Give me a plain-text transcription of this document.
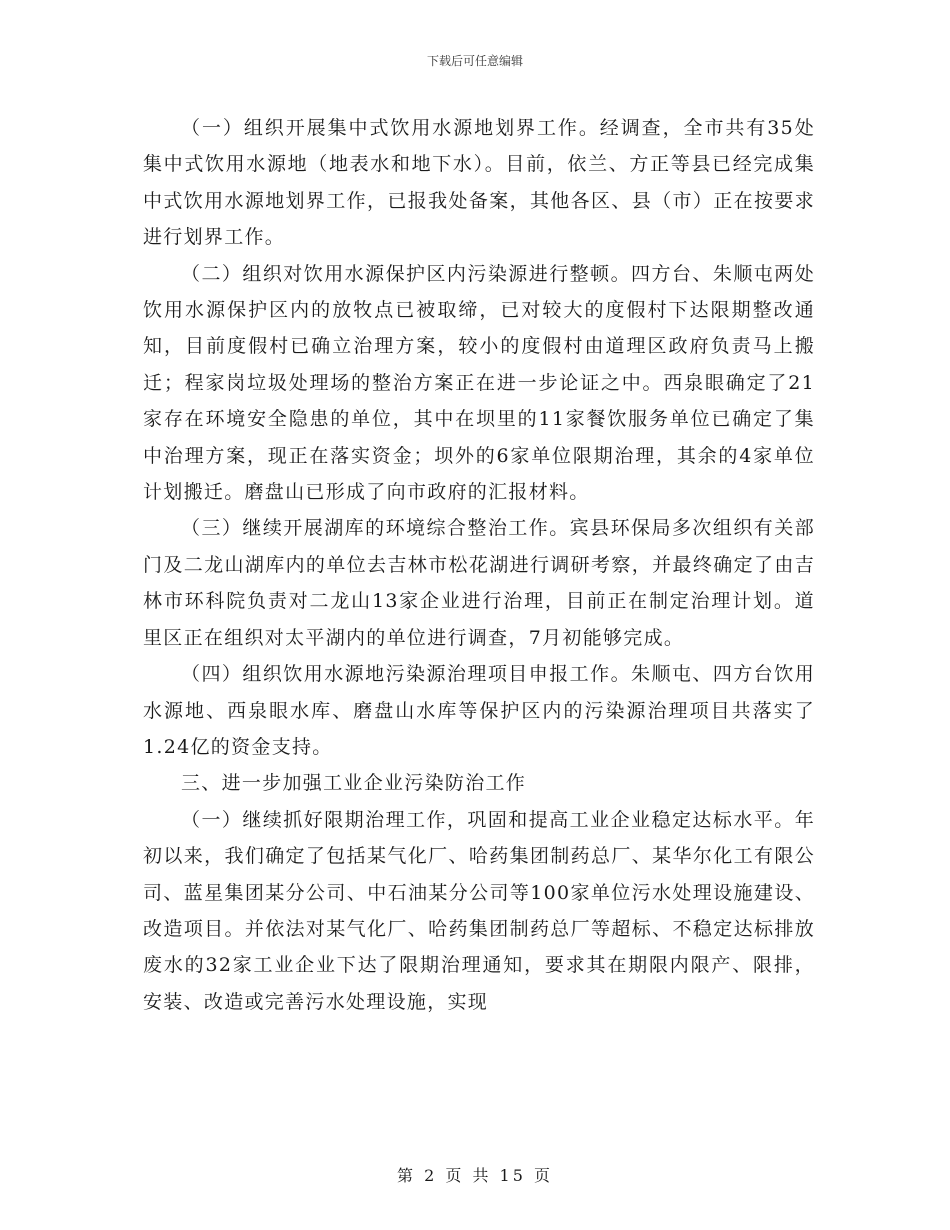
下载后可任意编辑

（一）组织开展集中式饮用水源地划界工作。经调查，全市共有35处集中式饮用水源地（地表水和地下水）。目前，依兰、方正等县已经完成集中式饮用水源地划界工作，已报我处备案，其他各区、县（市）正在按要求进行划界工作。

（二）组织对饮用水源保护区内污染源进行整顿。四方台、朱顺屯两处饮用水源保护区内的放牧点已被取缔，已对较大的度假村下达限期整改通知，目前度假村已确立治理方案，较小的度假村由道理区政府负责马上搬迁；程家岗垃圾处理场的整治方案正在进一步论证之中。西泉眼确定了21家存在环境安全隐患的单位，其中在坝里的11家餐饮服务单位已确定了集中治理方案，现正在落实资金；坝外的6家单位限期治理，其余的4家单位计划搬迁。磨盘山已形成了向市政府的汇报材料。

（三）继续开展湖库的环境综合整治工作。宾县环保局多次组织有关部门及二龙山湖库内的单位去吉林市松花湖进行调研考察，并最终确定了由吉林市环科院负责对二龙山13家企业进行治理，目前正在制定治理计划。道里区正在组织对太平湖内的单位进行调查，7月初能够完成。

（四）组织饮用水源地污染源治理项目申报工作。朱顺屯、四方台饮用水源地、西泉眼水库、磨盘山水库等保护区内的污染源治理项目共落实了1.24亿的资金支持。

三、进一步加强工业企业污染防治工作

（一）继续抓好限期治理工作，巩固和提高工业企业稳定达标水平。年初以来，我们确定了包括某气化厂、哈药集团制药总厂、某华尔化工有限公司、蓝星集团某分公司、中石油某分公司等100家单位污水处理设施建设、改造项目。并依法对某气化厂、哈药集团制药总厂等超标、不稳定达标排放废水的32家工业企业下达了限期治理通知，要求其在期限内限产、限排，安装、改造或完善污水处理设施，实现

第 2 页 共 15 页
